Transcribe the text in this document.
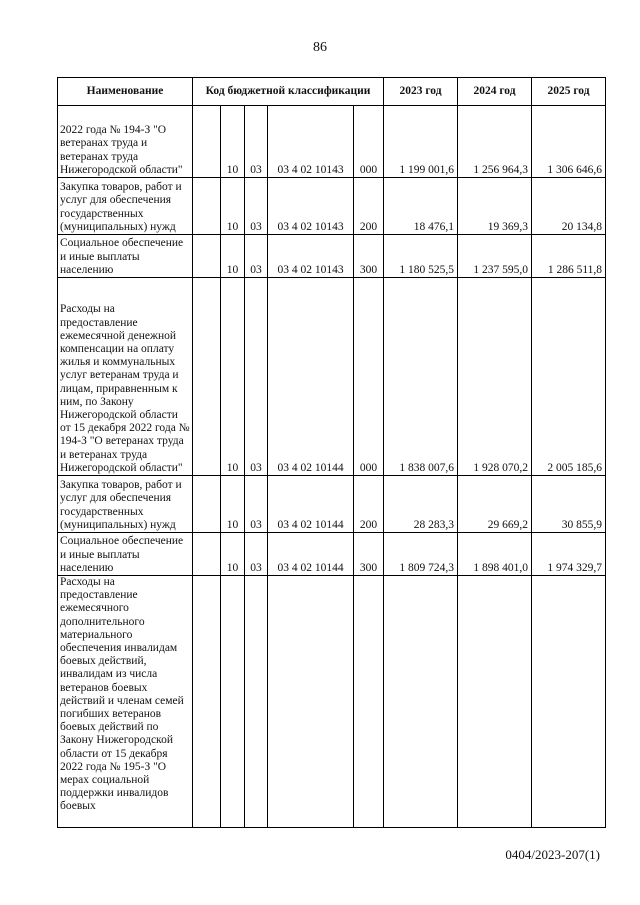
86
Наименование	Код бюджетной классификации					2023 год	2024 год	2025 год
2022 года № 194-З "О ветеранах труда и ветеранах труда Нижегородской области"		10	03	03 4 02 10143	000	1 199 001,6	1 256 964,3	1 306 646,6
Закупка товаров, работ и услуг для обеспечения государственных (муниципальных) нужд		10	03	03 4 02 10143	200	18 476,1	19 369,3	20 134,8
Социальное обеспечение и иные выплаты населению		10	03	03 4 02 10143	300	1 180 525,5	1 237 595,0	1 286 511,8
Расходы на предоставление ежемесячной денежной компенсации на оплату жилья и коммунальных услуг ветеранам труда и лицам, приравненным к ним, по Закону Нижегородской области от 15 декабря 2022 года № 194-З "О ветеранах труда и ветеранах труда Нижегородской области"		10	03	03 4 02 10144	000	1 838 007,6	1 928 070,2	2 005 185,6
Закупка товаров, работ и услуг для обеспечения государственных (муниципальных) нужд		10	03	03 4 02 10144	200	28 283,3	29 669,2	30 855,9
Социальное обеспечение и иные выплаты населению		10	03	03 4 02 10144	300	1 809 724,3	1 898 401,0	1 974 329,7
Расходы на предоставление ежемесячного дополнительного материального обеспечения инвалидам боевых действий, инвалидам из числа ветеранов боевых действий и членам семей погибших ветеранов боевых действий по Закону Нижегородской области от 15 декабря 2022 года № 195-З "О мерах социальной поддержки инвалидов боевых								
0404/2023-207(1)
